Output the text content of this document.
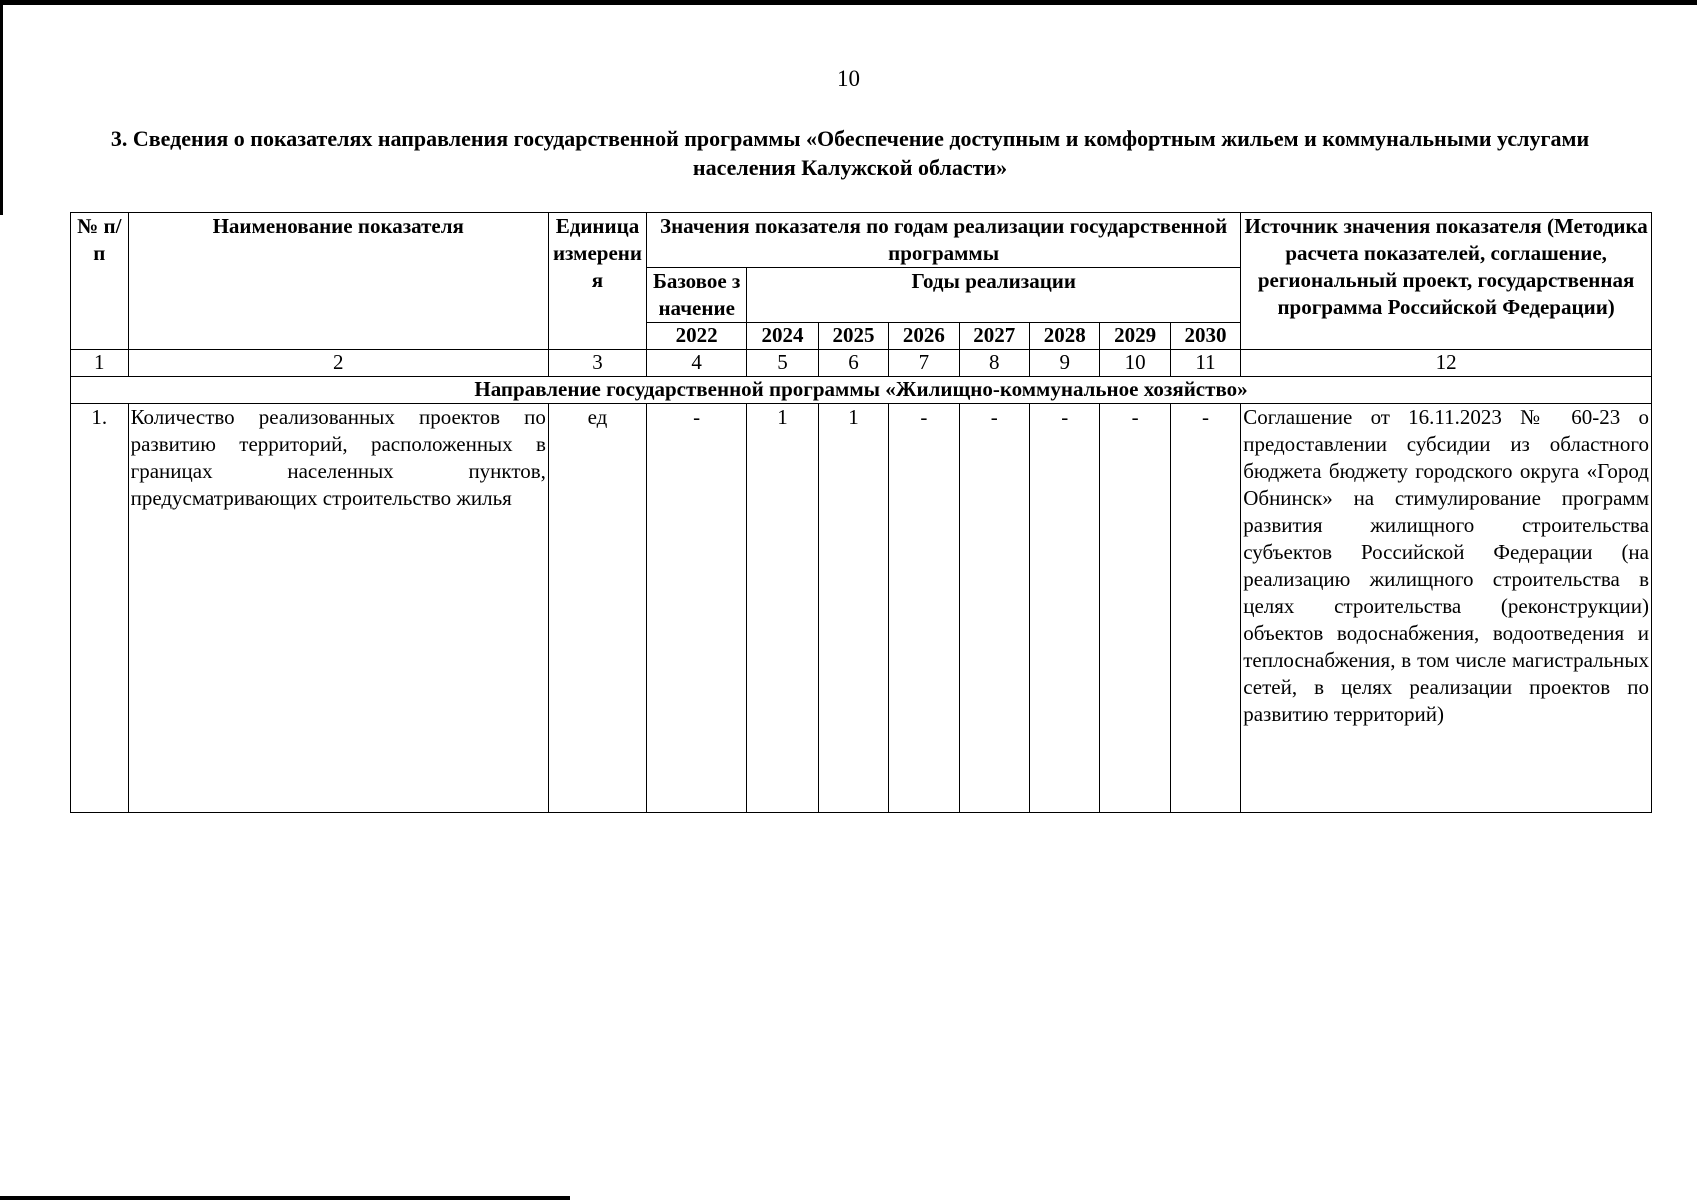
10
3. Сведения о показателях направления государственной программы «Обеспечение доступным и комфортным жильем и коммунальными услугами населения Калужской области»
№ п/п	Наименование показателя	Единица измерения	Значения показателя по годам реализации государственной программы								Источник значения показателя (Методика расчета показателей, соглашение, региональный проект, государственная программа Российской Федерации)
			Базовое значение	Годы реализации							
			2022	2024	2025	2026	2027	2028	2029	2030	
1	2	3	4	5	6	7	8	9	10	11	12
Направление государственной программы «Жилищно-коммунальное хозяйство»											
1.	Количество реализованных проектов по развитию территорий, расположенных в границах населенных пунктов, предусматривающих строительство жилья	ед	-	1	1	-	-	-	-	-	Соглашение от 16.11.2023 № 60-23 о предоставлении субсидии из областного бюджета бюджету городского округа «Город Обнинск» на стимулирование программ развития жилищного строительства субъектов Российской Федерации (на реализацию жилищного строительства в целях строительства (реконструкции) объектов водоснабжения, водоотведения и теплоснабжения, в том числе магистральных сетей, в целях реализации проектов по развитию территорий)
